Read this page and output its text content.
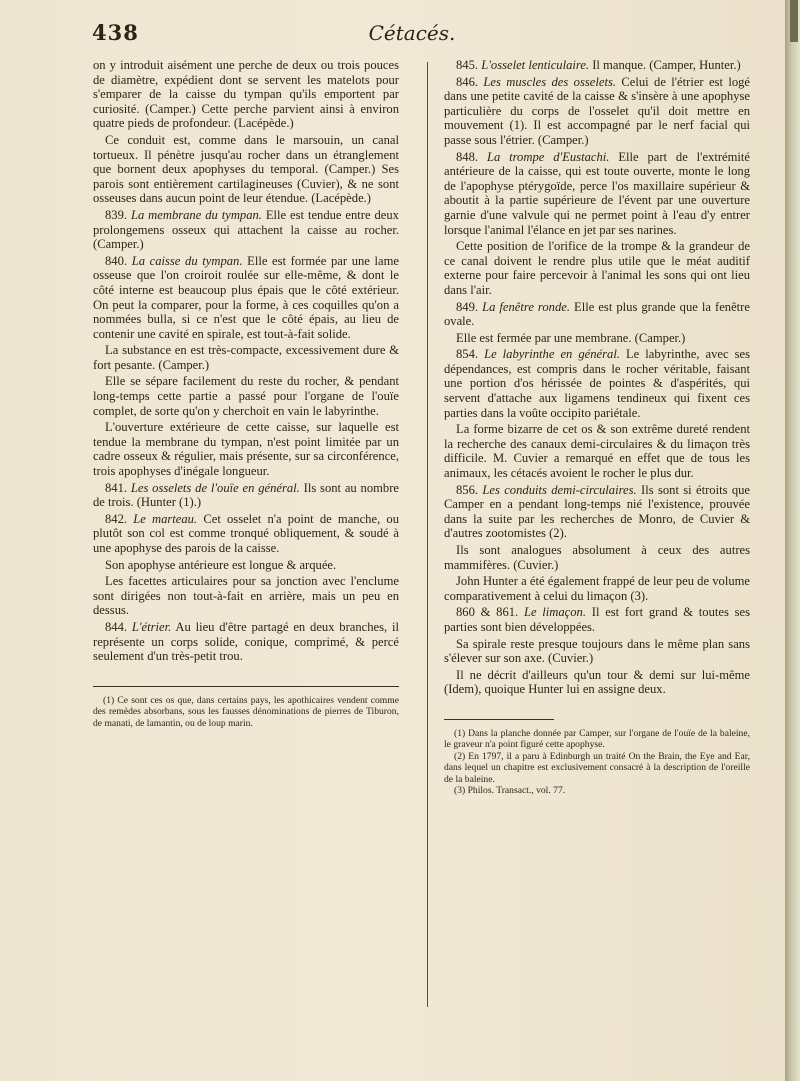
438	Cétacés.

on y introduit aisément une perche de deux ou trois pouces de diamètre, expédient dont se servent les matelots pour s'emparer de la caisse du tympan qu'ils emportent par curiosité. (Camper.) Cette perche parvient ainsi à environ quatre pieds de profondeur. (Lacépède.)

Ce conduit est, comme dans le marsouin, un canal tortueux. Il pénètre jusqu'au rocher dans un étranglement que bornent deux apophyses du temporal. (Camper.) Ses parois sont entièrement cartilagineuses (Cuvier), & ne sont osseuses dans aucun point de leur étendue. (Lacépède.)

839. La membrane du tympan. Elle est tendue entre deux prolongemens osseux qui attachent la caisse au rocher. (Camper.)

840. La caisse du tympan. Elle est formée par une lame osseuse que l'on croiroit roulée sur elle-même, & dont le côté interne est beaucoup plus épais que le côté extérieur. On peut la comparer, pour la forme, à ces coquilles qu'on a nommées bulla, si ce n'est que le côté épais, au lieu de contenir une cavité en spirale, est tout-à-fait solide.

La substance en est très-compacte, excessivement dure & fort pesante. (Camper.)

Elle se sépare facilement du reste du rocher, & pendant long-temps cette partie a passé pour l'organe de l'ouïe complet, de sorte qu'on y cherchoit en vain le labyrinthe.

L'ouverture extérieure de cette caisse, sur laquelle est tendue la membrane du tympan, n'est point limitée par un cadre osseux & régulier, mais présente, sur sa circonférence, trois apophyses d'inégale longueur.

841. Les osselets de l'ouïe en général. Ils sont au nombre de trois. (Hunter (1).)

842. Le marteau. Cet osselet n'a point de manche, ou plutôt son col est comme tronqué obliquement, & soudé à une apophyse des parois de la caisse.

Son apophyse antérieure est longue & arquée.

Les facettes articulaires pour sa jonction avec l'enclume sont dirigées non tout-à-fait en arrière, mais un peu en dessus.

844. L'étrier. Au lieu d'être partagé en deux branches, il représente un corps solide, conique, comprimé, & percé seulement d'un très-petit trou.

(1) Ce sont ces os que, dans certains pays, les apothicaires vendent comme des remèdes absorbans, sous les fausses dénominations de pierres de Tiburon, de manati, de lamantin, ou de loup marin.

845. L'osselet lenticulaire. Il manque. (Camper, Hunter.)

846. Les muscles des osselets. Celui de l'étrier est logé dans une petite cavité de la caisse & s'insère à une apophyse particulière du corps de l'osselet qu'il doit mettre en mouvement (1). Il est accompagné par le nerf facial qui passe sous l'étrier. (Camper.)

848. La trompe d'Eustachi. Elle part de l'extrémité antérieure de la caisse, qui est toute ouverte, monte le long de l'apophyse ptérygoïde, perce l'os maxillaire supérieur & aboutit à la partie supérieure de l'évent par une ouverture garnie d'une valvule qui ne permet point à l'eau d'y entrer lorsque l'animal l'élance en jet par ses narines.

Cette position de l'orifice de la trompe & la grandeur de ce canal doivent le rendre plus utile que le méat auditif externe pour faire percevoir à l'animal les sons qui ont lieu dans l'air.

849. La fenêtre ronde. Elle est plus grande que la fenêtre ovale.

Elle est fermée par une membrane. (Camper.)

854. Le labyrinthe en général. Le labyrinthe, avec ses dépendances, est compris dans le rocher véritable, faisant une portion d'os hérissée de pointes & d'aspérités, qui servent d'attache aux ligamens tendineux qui fixent ces parties dans la voûte occipito pariétale.

La forme bizarre de cet os & son extrême dureté rendent la recherche des canaux demi-circulaires & du limaçon très difficile. M. Cuvier a remarqué en effet que de tous les animaux, les cétacés avoient le rocher le plus dur.

856. Les conduits demi-circulaires. Ils sont si étroits que Camper en a pendant long-temps nié l'existence, prouvée dans la suite par les recherches de Monro, de Cuvier & d'autres zootomistes (2).

Ils sont analogues absolument à ceux des autres mammifères. (Cuvier.)

John Hunter a été également frappé de leur peu de volume comparativement à celui du limaçon (3).

860 & 861. Le limaçon. Il est fort grand & toutes ses parties sont bien développées.

Sa spirale reste presque toujours dans le même plan sans s'élever sur son axe. (Cuvier.)

Il ne décrit d'ailleurs qu'un tour & demi sur lui-même (Idem), quoique Hunter lui en assigne deux.

(1) Dans la planche donnée par Camper, sur l'organe de l'ouïe de la baleine, le graveur n'a point figuré cette apophyse.

(2) En 1797, il a paru à Edinburgh un traité On the Brain, the Eye and Ear, dans lequel un chapitre est exclusivement consacré à la description de l'oreille de la baleine.

(3) Philos. Transact., vol. 77.
